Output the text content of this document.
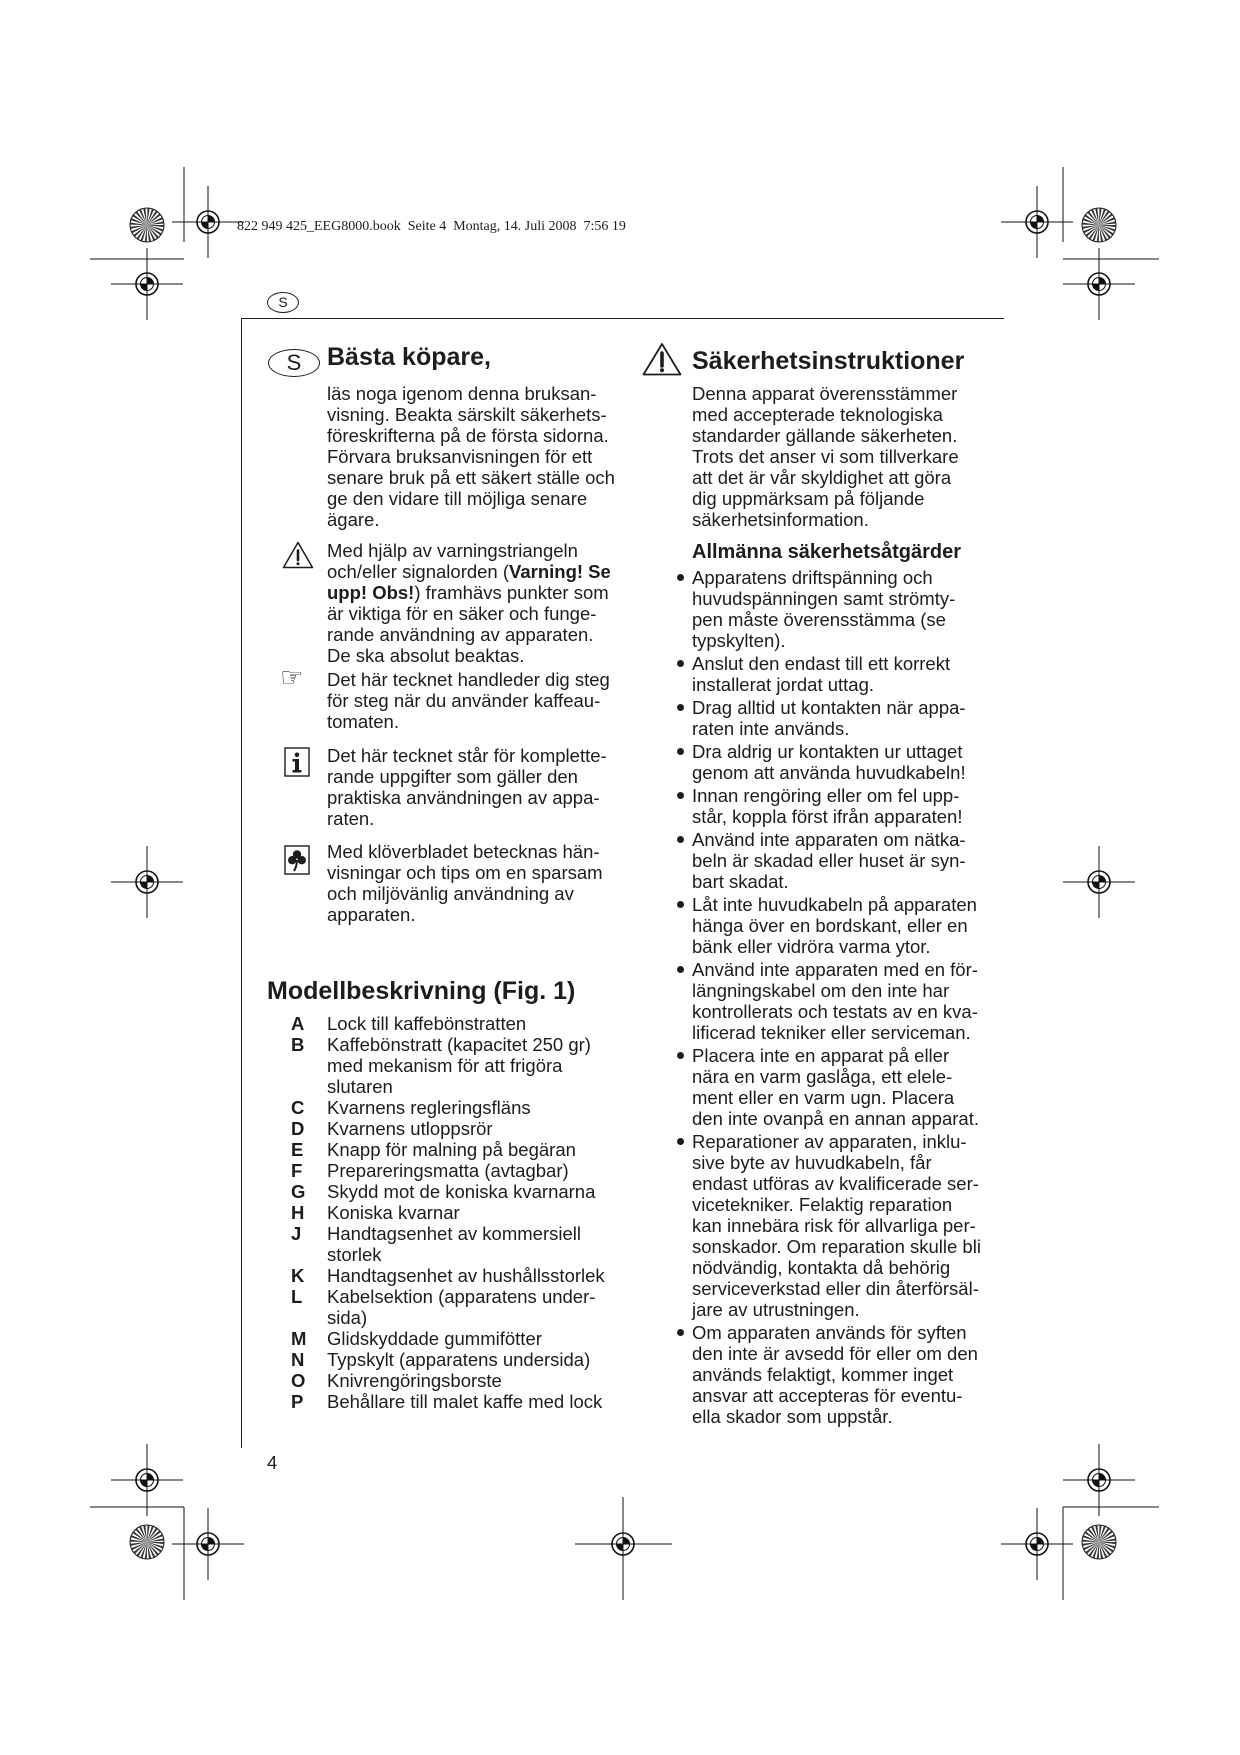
822 949 425_EEG8000.book  Seite 4  Montag, 14. Juli 2008  7:56 19
S
S	Bästa köpare,
läs noga igenom denna bruksan-
visning. Beakta särskilt säkerhets-
föreskrifterna på de första sidorna.
Förvara bruksanvisningen för ett
senare bruk på ett säkert ställe och
ge den vidare till möjliga senare
ägare.
Med hjälp av varningstriangeln
och/eller signalorden (Varning! Se
upp! Obs!) framhävs punkter som
är viktiga för en säker och funge-
rande användning av apparaten.
De ska absolut beaktas.
☞
Det här tecknet handleder dig steg
för steg när du använder kaffeau-
tomaten.
Det här tecknet står för komplette-
rande uppgifter som gäller den
praktiska användningen av appa-
raten.
Med klöverbladet betecknas hän-
visningar och tips om en sparsam
och miljövänlig användning av
apparaten.
Modellbeskrivning (Fig. 1)
A Lock till kaffebönstratten
B Kaffebönstratt (kapacitet 250 gr)
med mekanism för att frigöra
slutaren
C Kvarnens regleringsfläns
D Kvarnens utloppsrör
E Knapp för malning på begäran
F Prepareringsmatta (avtagbar)
G Skydd mot de koniska kvarnarna
H Koniska kvarnar
J Handtagsenhet av kommersiell
storlek
K Handtagsenhet av hushållsstorlek
L Kabelsektion (apparatens under-
sida)
M Glidskyddade gummifötter
N Typskylt (apparatens undersida)
O Knivrengöringsborste
P Behållare till malet kaffe med lock
Säkerhetsinstruktioner
Denna apparat överensstämmer
med accepterade teknologiska
standarder gällande säkerheten.
Trots det anser vi som tillverkare
att det är vår skyldighet att göra
dig uppmärksam på följande
säkerhetsinformation.
Allmänna säkerhetsåtgärder
Apparatens driftspänning och
huvudspänningen samt strömty-
pen måste överensstämma (se
typskylten).
Anslut den endast till ett korrekt
installerat jordat uttag.
Drag alltid ut kontakten när appa-
raten inte används.
Dra aldrig ur kontakten ur uttaget
genom att använda huvudkabeln!
Innan rengöring eller om fel upp-
står, koppla först ifrån apparaten!
Använd inte apparaten om nätka-
beln är skadad eller huset är syn-
bart skadat.
Låt inte huvudkabeln på apparaten
hänga över en bordskant, eller en
bänk eller vidröra varma ytor.
Använd inte apparaten med en för-
längningskabel om den inte har
kontrollerats och testats av en kva-
lificerad tekniker eller serviceman.
Placera inte en apparat på eller
nära en varm gaslåga, ett elele-
ment eller en varm ugn. Placera
den inte ovanpå en annan apparat.
Reparationer av apparaten, inklu-
sive byte av huvudkabeln, får
endast utföras av kvalificerade ser-
vicetekniker. Felaktig reparation
kan innebära risk för allvarliga per-
sonskador. Om reparation skulle bli
nödvändig, kontakta då behörig
serviceverkstad eller din återförsäl-
jare av utrustningen.
Om apparaten används för syften
den inte är avsedd för eller om den
används felaktigt, kommer inget
ansvar att accepteras för eventu-
ella skador som uppstår.
4
